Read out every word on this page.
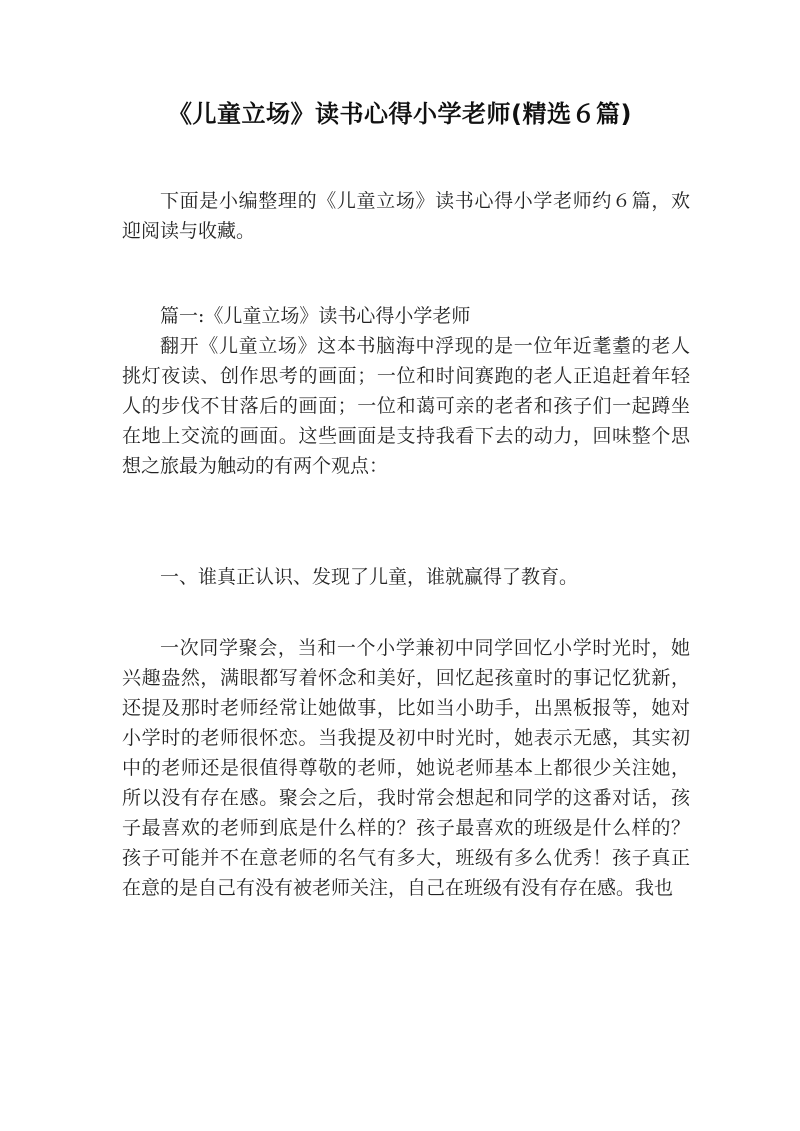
《儿童立场》读书心得小学老师(精选６篇)

下面是小编整理的《儿童立场》读书心得小学老师约６篇，欢迎阅读与收藏。

篇一:《儿童立场》读书心得小学老师

翻开《儿童立场》这本书脑海中浮现的是一位年近耄耋的老人挑灯夜读、创作思考的画面；一位和时间赛跑的老人正追赶着年轻人的步伐不甘落后的画面；一位和蔼可亲的老者和孩子们一起蹲坐在地上交流的画面。这些画面是支持我看下去的动力，回味整个思想之旅最为触动的有两个观点：

一、谁真正认识、发现了儿童，谁就赢得了教育。

一次同学聚会，当和一个小学兼初中同学回忆小学时光时，她兴趣盎然，满眼都写着怀念和美好，回忆起孩童时的事记忆犹新，还提及那时老师经常让她做事，比如当小助手，出黑板报等，她对小学时的老师很怀恋。当我提及初中时光时，她表示无感，其实初中的老师还是很值得尊敬的老师，她说老师基本上都很少关注她，所以没有存在感。聚会之后，我时常会想起和同学的这番对话，孩子最喜欢的老师到底是什么样的？孩子最喜欢的班级是什么样的？孩子可能并不在意老师的名气有多大，班级有多么优秀！孩子真正在意的是自己有没有被老师关注，自己在班级有没有存在感。我也
